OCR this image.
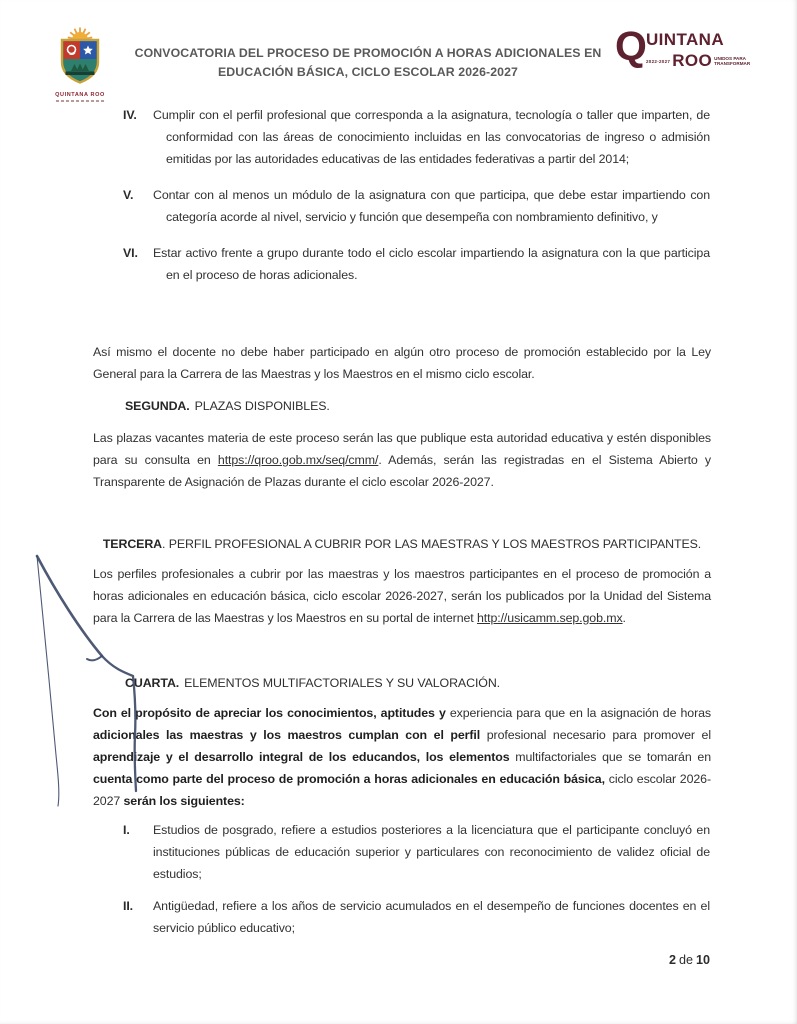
QUINTANA ROO
CONVOCATORIA DEL PROCESO DE PROMOCIÓN A HORAS ADICIONALES EN
EDUCACIÓN BÁSICA, CICLO ESCOLAR 2026-2027
Q UINTANA
2022-2027 ROO UNIDOS PARA
TRANSFORMAR
IV.	Cumplir con el perfil profesional que corresponda a la asignatura, tecnología o taller que imparten, de conformidad con las áreas de conocimiento incluidas en las convocatorias de ingreso o admisión emitidas por las autoridades educativas de las entidades federativas a partir del 2014;
V.	Contar con al menos un módulo de la asignatura con que participa, que debe estar impartiendo con categoría acorde al nivel, servicio y función que desempeña con nombramiento definitivo, y
VI.	Estar activo frente a grupo durante todo el ciclo escolar impartiendo la asignatura con la que participa en el proceso de horas adicionales.
Así mismo el docente no debe haber participado en algún otro proceso de promoción establecido por la Ley General para la Carrera de las Maestras y los Maestros en el mismo ciclo escolar.
SEGUNDA. PLAZAS DISPONIBLES.
Las plazas vacantes materia de este proceso serán las que publique esta autoridad educativa y estén disponibles para su consulta en https://qroo.gob.mx/seq/cmm/. Además, serán las registradas en el Sistema Abierto y Transparente de Asignación de Plazas durante el ciclo escolar 2026-2027.
TERCERA. PERFIL PROFESIONAL A CUBRIR POR LAS MAESTRAS Y LOS MAESTROS PARTICIPANTES.
Los perfiles profesionales a cubrir por las maestras y los maestros participantes en el proceso de promoción a horas adicionales en educación básica, ciclo escolar 2026-2027, serán los publicados por la Unidad del Sistema para la Carrera de las Maestras y los Maestros en su portal de internet http://usicamm.sep.gob.mx.
CUARTA. ELEMENTOS MULTIFACTORIALES Y SU VALORACIÓN.
Con el propósito de apreciar los conocimientos, aptitudes y experiencia para que en la asignación de horas adicionales las maestras y los maestros cumplan con el perfil profesional necesario para promover el aprendizaje y el desarrollo integral de los educandos, los elementos multifactoriales que se tomarán en cuenta como parte del proceso de promoción a horas adicionales en educación básica, ciclo escolar 2026-2027 serán los siguientes:
I.	Estudios de posgrado, refiere a estudios posteriores a la licenciatura que el participante concluyó en instituciones públicas de educación superior y particulares con reconocimiento de validez oficial de estudios;
II.	Antigüedad, refiere a los años de servicio acumulados en el desempeño de funciones docentes en el servicio público educativo;
2 de 10
